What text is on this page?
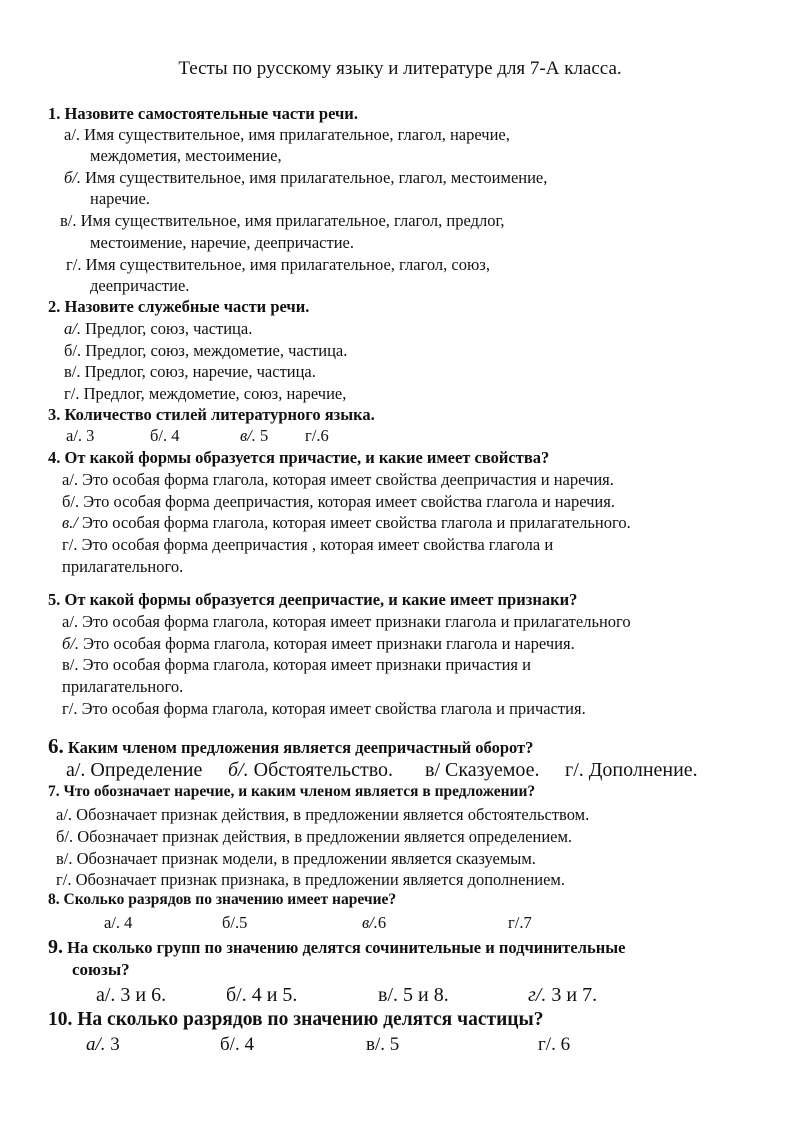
Тесты по русскому языку и литературе для 7-А класса.
1. Назовите самостоятельные части речи.
а/. Имя существительное, имя прилагательное, глагол, наречие,
междометия, местоимение,
б/. Имя существительное, имя прилагательное, глагол, местоимение,
наречие.
в/. Имя существительное, имя прилагательное, глагол, предлог,
местоимение, наречие, деепричастие.
г/. Имя существительное, имя прилагательное, глагол, союз,
деепричастие.
2. Назовите служебные части речи.
а/. Предлог, союз, частица.
б/. Предлог, союз, междометие, частица.
в/. Предлог, союз, наречие, частица.
г/. Предлог, междометие, союз, наречие,
3. Количество стилей литературного языка.
а/. 3	б/. 4	в/. 5 г/.6
4. От какой формы образуется причастие, и какие имеет свойства?
а/. Это особая форма глагола, которая имеет свойства деепричастия и наречия.
б/. Это особая форма деепричастия, которая имеет свойства глагола и наречия.
в./ Это особая форма глагола, которая имеет свойства глагола и прилагательного.
г/. Это особая форма деепричастия , которая имеет свойства глагола и
прилагательного.
5. От какой формы образуется деепричастие, и какие имеет признаки?
а/. Это особая форма глагола, которая имеет признаки глагола и прилагательного
б/. Это особая форма глагола, которая имеет признаки глагола и наречия.
в/. Это особая форма глагола, которая имеет признаки причастия и
прилагательного.
г/. Это особая форма глагола, которая имеет свойства глагола и причастия.
6. Каким членом предложения является деепричастный оборот?
а/. Определение б/. Обстоятельство. в/ Сказуемое. г/. Дополнение.
7. Что обозначает наречие, и каким членом является в предложении?
а/. Обозначает признак действия, в предложении является обстоятельством.
б/. Обозначает признак действия, в предложении является определением.
в/. Обозначает признак модели, в предложении является сказуемым.
г/. Обозначает признак признака, в предложении является дополнением.
8. Сколько разрядов по значению имеет наречие?
а/. 4	б/.5	в/.6	г/.7
9. На сколько групп по значению делятся сочинительные и подчинительные
союзы?
а/. 3 и 6.	б/. 4 и 5.	в/. 5 и 8.	г/. 3 и 7.
10. На сколько разрядов по значению делятся частицы?
а/. 3	б/. 4	в/. 5	г/. 6
